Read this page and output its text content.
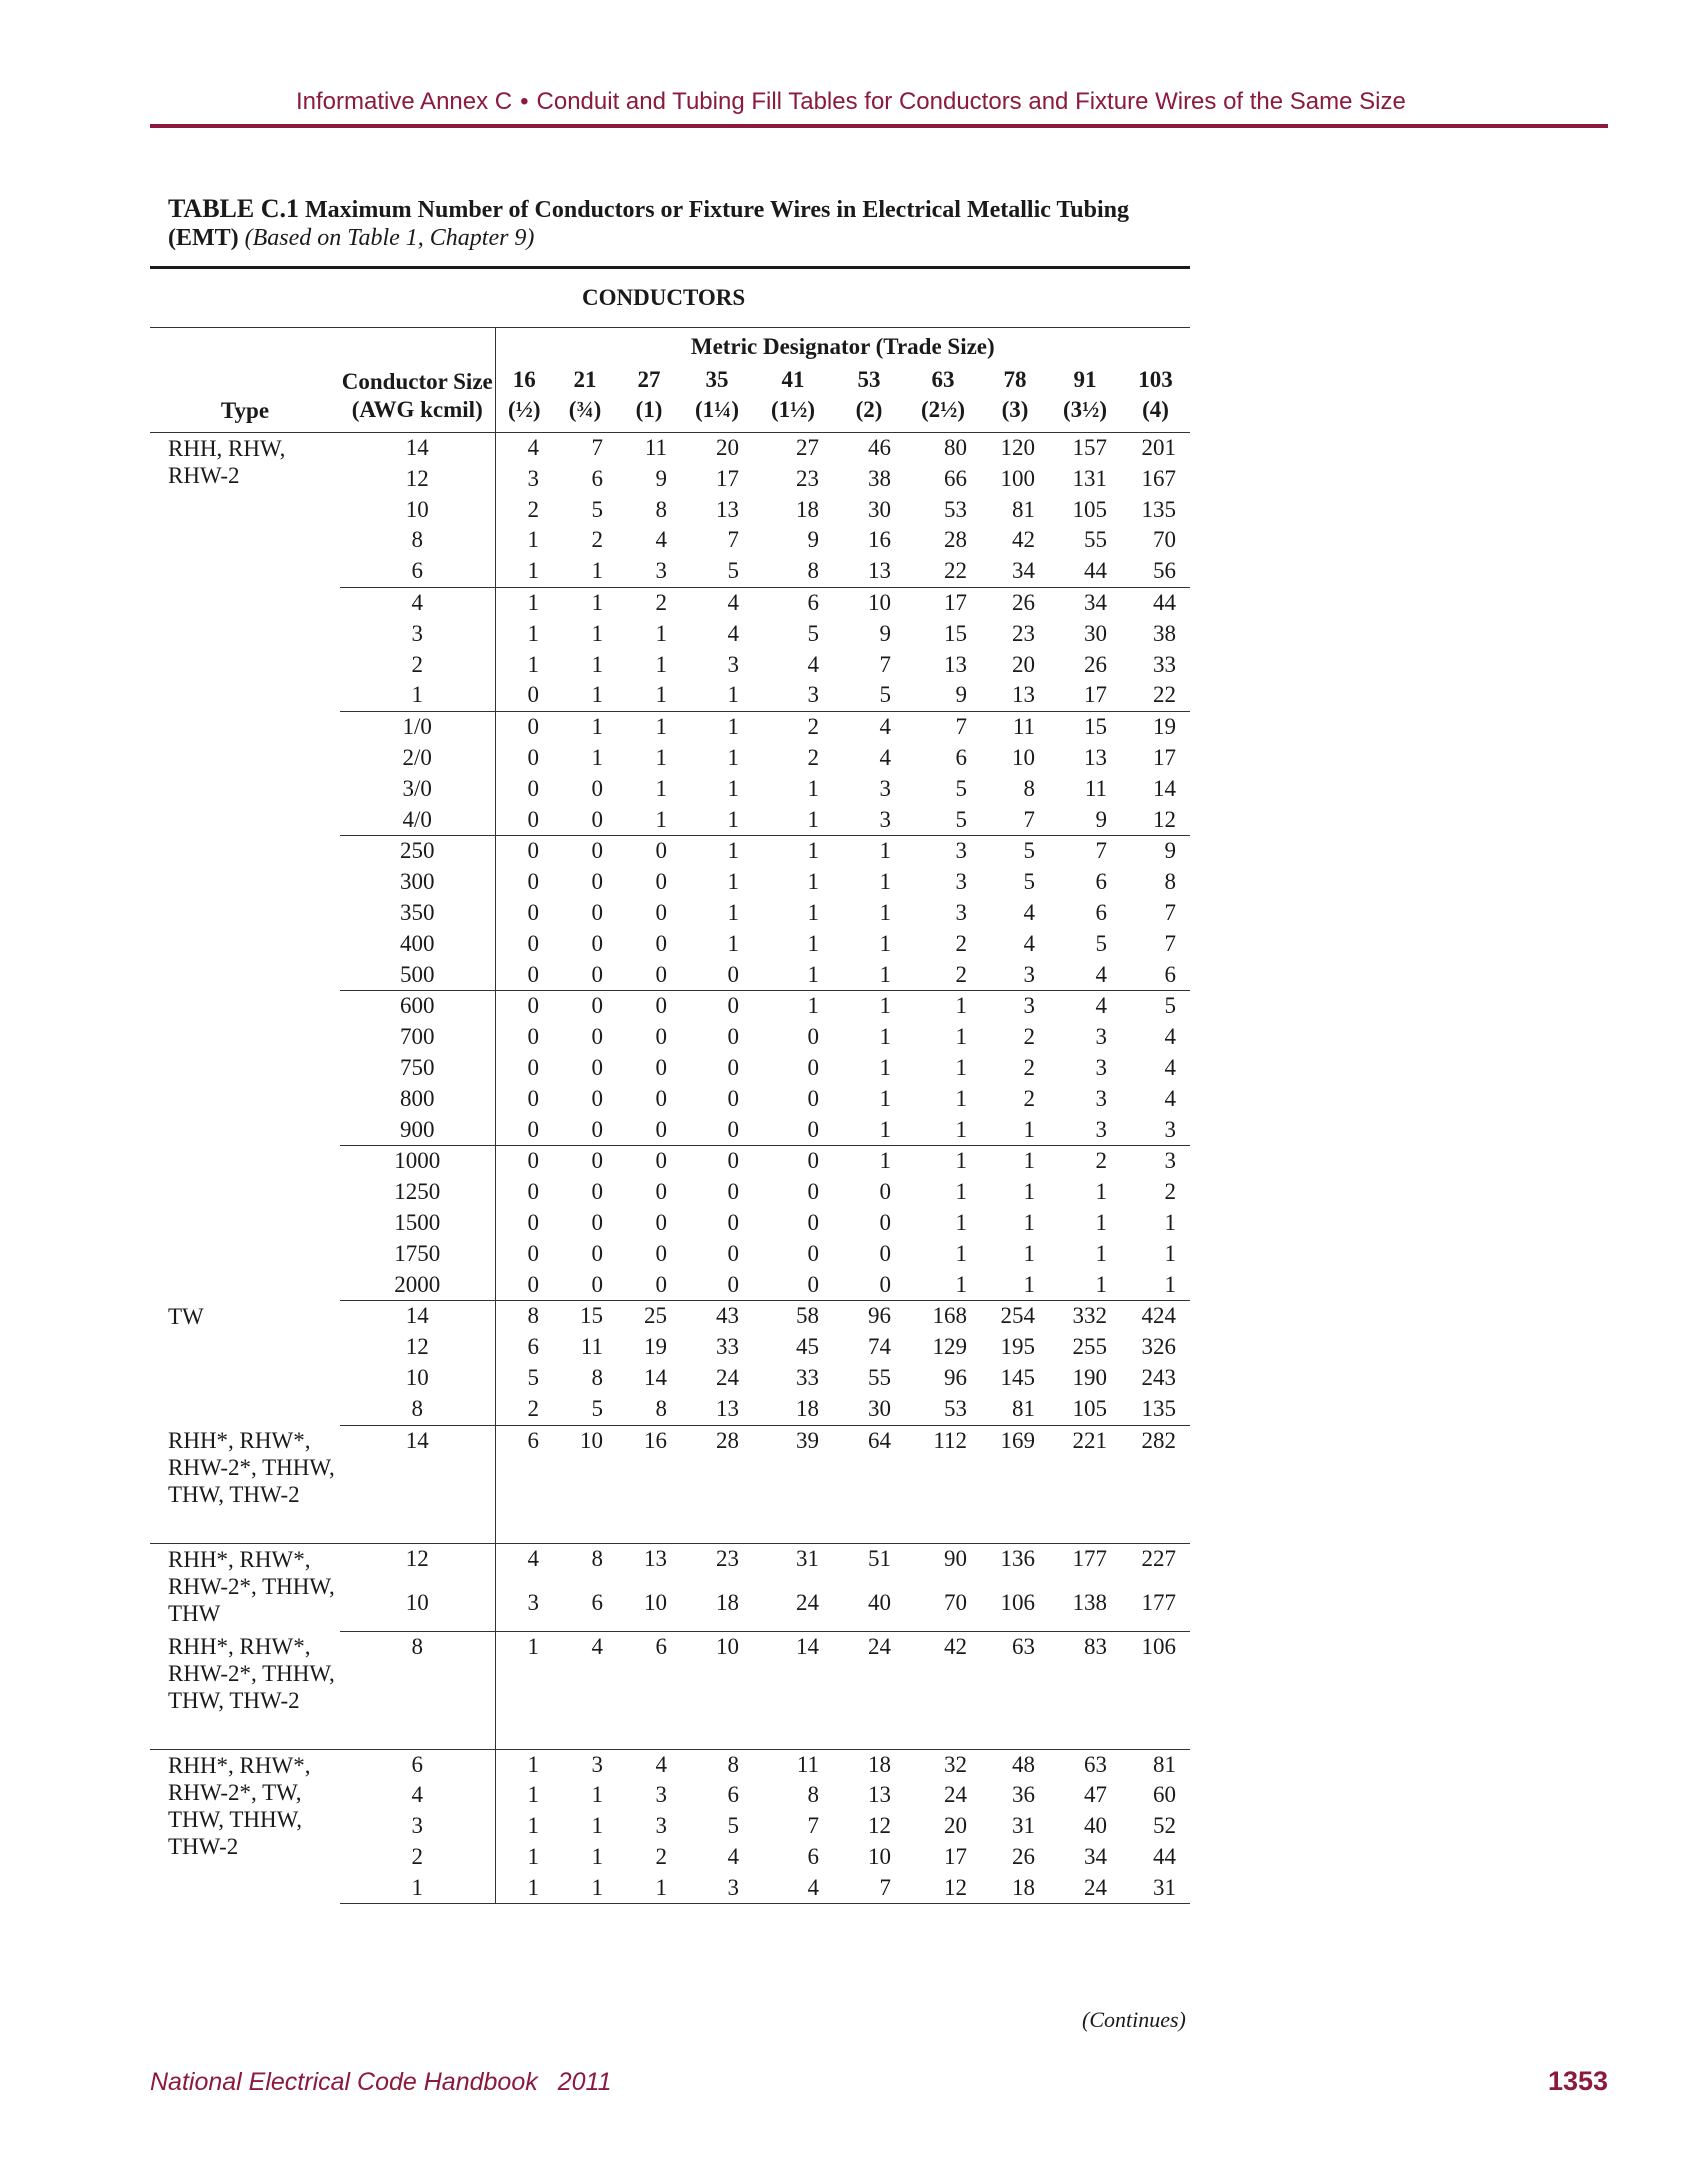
Informative Annex C • Conduit and Tubing Fill Tables for Conductors and Fixture Wires of the Same Size
TABLE C.1 Maximum Number of Conductors or Fixture Wires in Electrical Metallic Tubing (EMT) (Based on Table 1, Chapter 9)
CONDUCTORS											
Type	Conductor Size (AWG kcmil)	Metric Designator (Trade Size)									
		16	21	27	35	41	53	63	78	91	103
		(½)	(¾)	(1)	(1¼)	(1½)	(2)	(2½)	(3)	(3½)	(4)
RHH, RHW, RHW-2	14	4	7	11	20	27	46	80	120	157	201
	12	3	6	9	17	23	38	66	100	131	167
	10	2	5	8	13	18	30	53	81	105	135
	8	1	2	4	7	9	16	28	42	55	70
	6	1	1	3	5	8	13	22	34	44	56
	4	1	1	2	4	6	10	17	26	34	44
	3	1	1	1	4	5	9	15	23	30	38
	2	1	1	1	3	4	7	13	20	26	33
	1	0	1	1	1	3	5	9	13	17	22
	1/0	0	1	1	1	2	4	7	11	15	19
	2/0	0	1	1	1	2	4	6	10	13	17
	3/0	0	0	1	1	1	3	5	8	11	14
	4/0	0	0	1	1	1	3	5	7	9	12
	250	0	0	0	1	1	1	3	5	7	9
	300	0	0	0	1	1	1	3	5	6	8
	350	0	0	0	1	1	1	3	4	6	7
	400	0	0	0	1	1	1	2	4	5	7
	500	0	0	0	0	1	1	2	3	4	6
	600	0	0	0	0	1	1	1	3	4	5
	700	0	0	0	0	0	1	1	2	3	4
	750	0	0	0	0	0	1	1	2	3	4
	800	0	0	0	0	0	1	1	2	3	4
	900	0	0	0	0	0	1	1	1	3	3
	1000	0	0	0	0	0	1	1	1	2	3
	1250	0	0	0	0	0	0	1	1	1	2
	1500	0	0	0	0	0	0	1	1	1	1
	1750	0	0	0	0	0	0	1	1	1	1
	2000	0	0	0	0	0	0	1	1	1	1
TW	14	8	15	25	43	58	96	168	254	332	424
	12	6	11	19	33	45	74	129	195	255	326
	10	5	8	14	24	33	55	96	145	190	243
	8	2	5	8	13	18	30	53	81	105	135
RHH*, RHW*, RHW-2*, THHW, THW, THW-2	14	6	10	16	28	39	64	112	169	221	282
RHH*, RHW*, RHW-2*, THHW, THW	12	4	8	13	23	31	51	90	136	177	227
	10	3	6	10	18	24	40	70	106	138	177
RHH*, RHW*, RHW-2*, THHW, THW, THW-2	8	1	4	6	10	14	24	42	63	83	106
RHH*, RHW*, RHW-2*, TW, THW, THHW, THW-2	6	1	3	4	8	11	18	32	48	63	81
	4	1	1	3	6	8	13	24	36	47	60
	3	1	1	3	5	7	12	20	31	40	52
	2	1	1	2	4	6	10	17	26	34	44
	1	1	1	1	3	4	7	12	18	24	31
(Continues)
National Electrical Code Handbook 2011	1353
